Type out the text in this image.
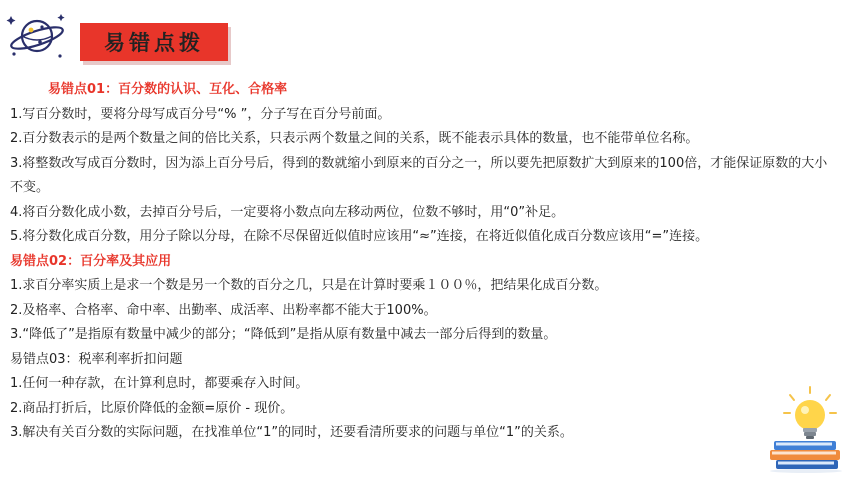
易错点拨
易错点01：百分数的认识、互化、合格率
1.写百分数时，要将分母写成百分号“% ”，分子写在百分号前面。
2.百分数表示的是两个数量之间的倍比关系，只表示两个数量之间的关系，既不能表示具体的数量，也不能带单位名称。
3.将整数改写成百分数时，因为添上百分号后，得到的数就缩小到原来的百分之一，所以要先把原数扩大到原来的100倍，才能保证原数的大小不变。
4.将百分数化成小数，去掉百分号后，一定要将小数点向左移动两位，位数不够时，用“0”补足。
5.将分数化成百分数，用分子除以分母，在除不尽保留近似值时应该用“≈”连接，在将近似值化成百分数应该用“=”连接。
易错点02：百分率及其应用
1.求百分率实质上是求一个数是另一个数的百分之几，只是在计算时要乘１００％，把结果化成百分数。
2.及格率、合格率、命中率、出勤率、成活率、出粉率都不能大于100%。
3.“降低了”是指原有数量中减少的部分；“降低到”是指从原有数量中减去一部分后得到的数量。
易错点03：税率利率折扣问题
1.任何一种存款，在计算利息时，都要乘存入时间。
2.商品打折后，比原价降低的金额=原价 - 现价。
3.解决有关百分数的实际问题，在找准单位“1”的同时，还要看清所要求的问题与单位“1”的关系。
